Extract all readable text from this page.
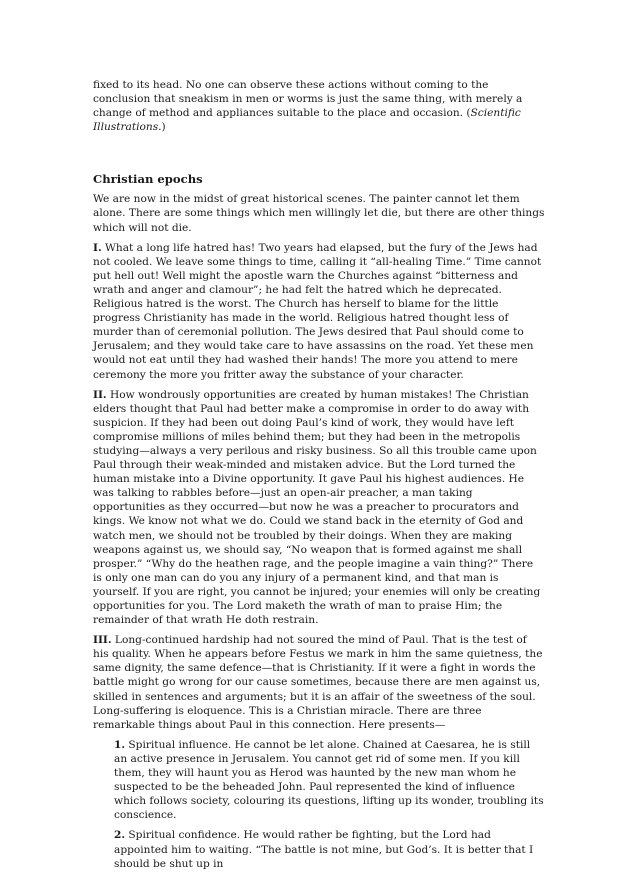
fixed to its head. No one can observe these actions without coming to the conclusion that sneakism in men or worms is just the same thing, with merely a change of method and appliances suitable to the place and occasion. (Scientific Illustrations.)

Christian epochs

We are now in the midst of great historical scenes. The painter cannot let them alone. There are some things which men willingly let die, but there are other things which will not die.

I. What a long life hatred has! Two years had elapsed, but the fury of the Jews had not cooled. We leave some things to time, calling it “all-healing Time.” Time cannot put hell out! Well might the apostle warn the Churches against “bitterness and wrath and anger and clamour”; he had felt the hatred which he deprecated. Religious hatred is the worst. The Church has herself to blame for the little progress Christianity has made in the world. Religious hatred thought less of murder than of ceremonial pollution. The Jews desired that Paul should come to Jerusalem; and they would take care to have assassins on the road. Yet these men would not eat until they had washed their hands! The more you attend to mere ceremony the more you fritter away the substance of your character.

II. How wondrously opportunities are created by human mistakes! The Christian elders thought that Paul had better make a compromise in order to do away with suspicion. If they had been out doing Paul’s kind of work, they would have left compromise millions of miles behind them; but they had been in the metropolis studying—always a very perilous and risky business. So all this trouble came upon Paul through their weak-minded and mistaken advice. But the Lord turned the human mistake into a Divine opportunity. It gave Paul his highest audiences. He was talking to rabbles before—just an open-air preacher, a man taking opportunities as they occurred—but now he was a preacher to procurators and kings. We know not what we do. Could we stand back in the eternity of God and watch men, we should not be troubled by their doings. When they are making weapons against us, we should say, “No weapon that is formed against me shall prosper.” “Why do the heathen rage, and the people imagine a vain thing?” There is only one man can do you any injury of a permanent kind, and that man is yourself. If you are right, you cannot be injured; your enemies will only be creating opportunities for you. The Lord maketh the wrath of man to praise Him; the remainder of that wrath He doth restrain.

III. Long-continued hardship had not soured the mind of Paul. That is the test of his quality. When he appears before Festus we mark in him the same quietness, the same dignity, the same defence—that is Christianity. If it were a fight in words the battle might go wrong for our cause sometimes, because there are men against us, skilled in sentences and arguments; but it is an affair of the sweetness of the soul. Long-suffering is eloquence. This is a Christian miracle. There are three remarkable things about Paul in this connection. Here presents—

1. Spiritual influence. He cannot be let alone. Chained at Caesarea, he is still an active presence in Jerusalem. You cannot get rid of some men. If you kill them, they will haunt you as Herod was haunted by the new man whom he suspected to be the beheaded John. Paul represented the kind of influence which follows society, colouring its questions, lifting up its wonder, troubling its conscience.

2. Spiritual confidence. He would rather be fighting, but the Lord had appointed him to waiting. “The battle is not mine, but God’s. It is better that I should be shut up in
